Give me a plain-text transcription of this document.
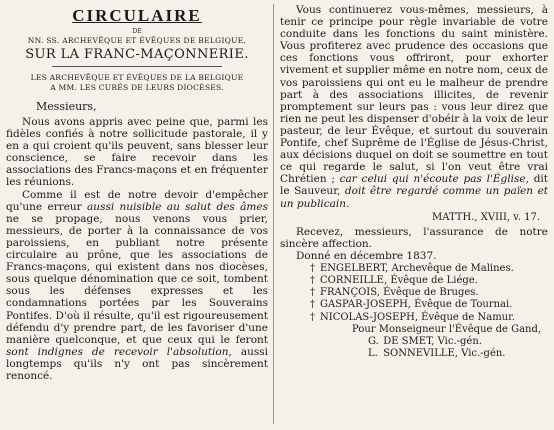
CIRCULAIRE
DE
NN. SS. ARCHEVÊQUE ET ÉVÊQUES DE BELGIQUE,
SUR LA FRANC-MAÇONNERIE.
LES ARCHEVÊQUE ET ÉVÊQUES DE LA BELGIQUE
A MM. LES CURÉS DE LEURS DIOCÈSES.
Messieurs,

Nous avons appris avec peine que, parmi les fidèles confiés à notre sollicitude pastorale, il y en a qui croient qu'ils peuvent, sans blesser leur conscience, se faire recevoir dans les associations des Francs-maçons et en fréquenter les réunions.

Comme il est de notre devoir d'empêcher qu'une erreur aussi nuisible au salut des âmes ne se propage, nous venons vous prier, messieurs, de porter à la connaissance de vos paroissiens, en publiant notre présente circulaire au prône, que les associations de Francs-maçons, qui existent dans nos diocèses, sous quelque dénomination que ce soit, tombent sous les défenses expresses et les condamnations portées par les Souverains Pontifes. D'où il résulte, qu'il est rigoureusement défendu d'y prendre part, de les favoriser d'une manière quelconque, et que ceux qui le feront sont indignes de recevoir l'absolution, aussi longtemps qu'ils n'y ont pas sincèrement renoncé.

Vous continuerez vous-mêmes, messieurs, à tenir ce principe pour règle invariable de votre conduite dans les fonctions du saint ministère. Vous profiterez avec prudence des occasions que ces fonctions vous offriront, pour exhorter vivement et supplier même en notre nom, ceux de vos paroissiens qui ont eu le malheur de prendre part à des associations illicites, de revenir promptement sur leurs pas : vous leur direz que rien ne peut les dispenser d'obéir à la voix de leur pasteur, de leur Évêque, et surtout du souverain Pontife, chef Suprême de l'Église de Jésus-Christ, aux décisions duquel on doit se soumettre en tout ce qui regarde le salut, si l'on veut être vrai Chrétien ; car celui qui n'écoute pas l'Église, dit le Sauveur, doit être regardé comme un païen et un publicain.

MATTH., XVIII, v. 17.

Recevez, messieurs, l'assurance de notre sincère affection.

Donné en décembre 1837.
† ENGELBERT, Archevêque de Malines.
† CORNEILLE, Évêque de Liége.
† FRANÇOIS, Évêque de Bruges.
† GASPAR-JOSEPH, Évêque de Tournai.
† NICOLAS-JOSEPH, Évêque de Namur.
Pour Monseigneur l'Évêque de Gand,
G. DE SMET, Vic.-gén.
L. SONNEVILLE, Vic.-gén.
